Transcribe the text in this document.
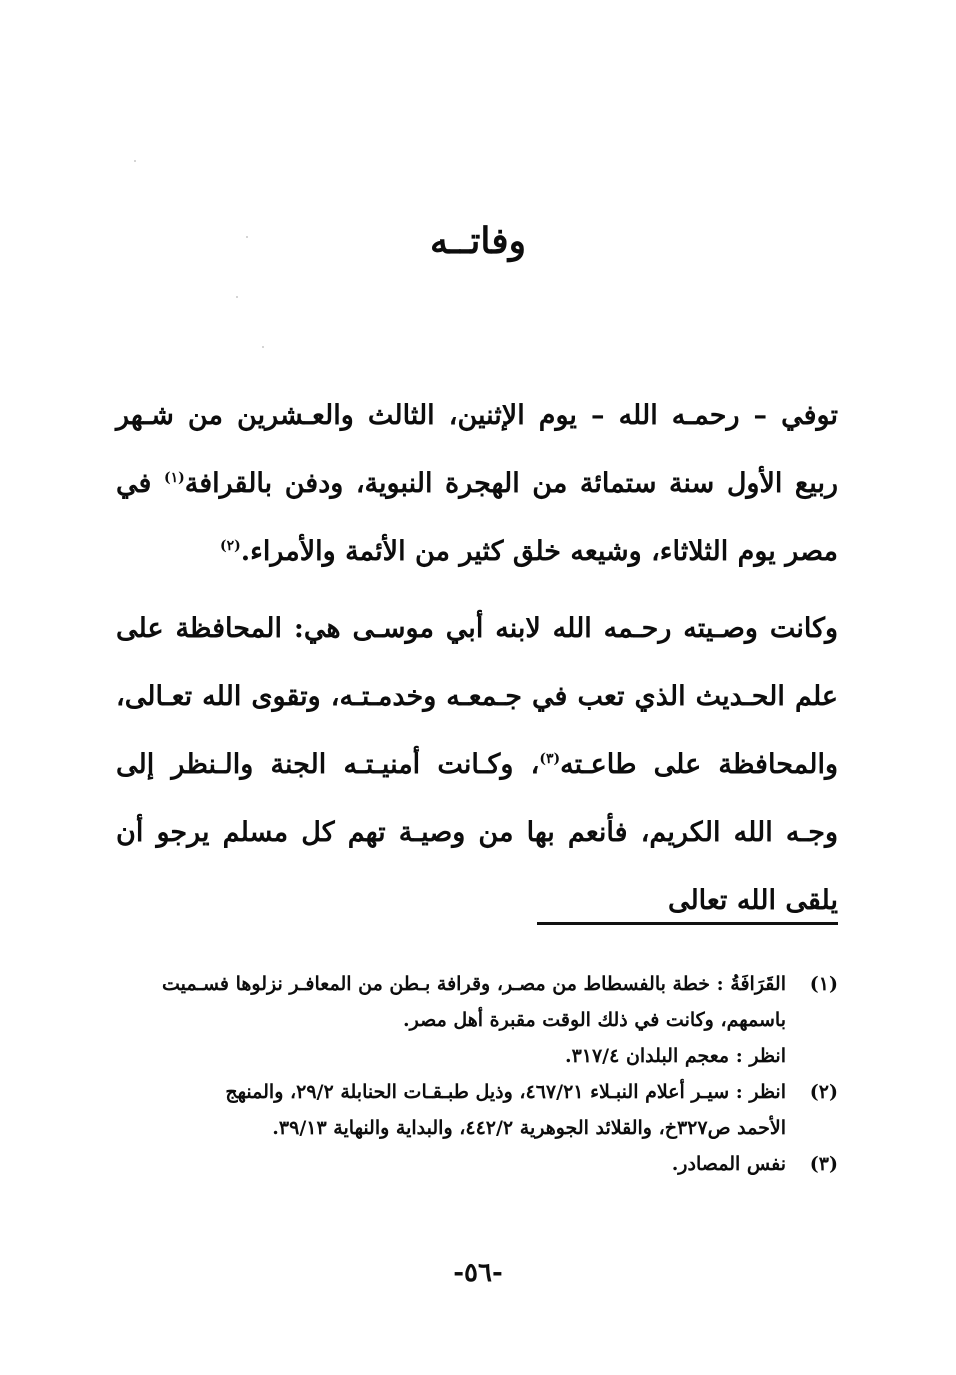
وفاتــه
توفي – رحمـه الله – يوم الإثنين، الثالث والعـشرين من شـهر ربيع الأول سنة ستمائة من الهجرة النبوية، ودفن بالقرافة$^{(١)}$ في مصر يوم الثلاثاء، وشيعه خلق كثير من الأئمة والأمراء.$^{(٢)}$
وكانت وصـيته رحـمه الله لابنه أبي موسـى هي: المحافظة على علم الحـديث الذي تعب في جـمعـه وخدمـتـه، وتقوى الله تعـالى، والمحافظة على طاعـته$^{(٣)}$، وكـانت أمنيـتـه الجنة والـنظر إلى وجـه الله الكريم، فأنعم بها من وصيـة تهم كل مسلم يرجو أن يلقى الله تعالى
(١)
القَرَافَةُ : خطة بالفسطاط من مصـر، وقرافة بـطن من المعافـر نزلوها فسـميت
باسمهم، وكانت في ذلك الوقت مقبرة أهل مصر.
انظر : معجم البلدان ٣١٧/٤.
(٢)
انظر : سيـر أعلام النبـلاء ٤٦٧/٢١، وذيل طبـقـات الحنابلة ٢٩/٢، والمنهج
الأحمد ص٣٢٧خ، والقلائد الجوهرية ٤٤٢/٢، والبداية والنهاية ٣٩/١٣.
(٣)
نفس المصادر.
-٥٦-
